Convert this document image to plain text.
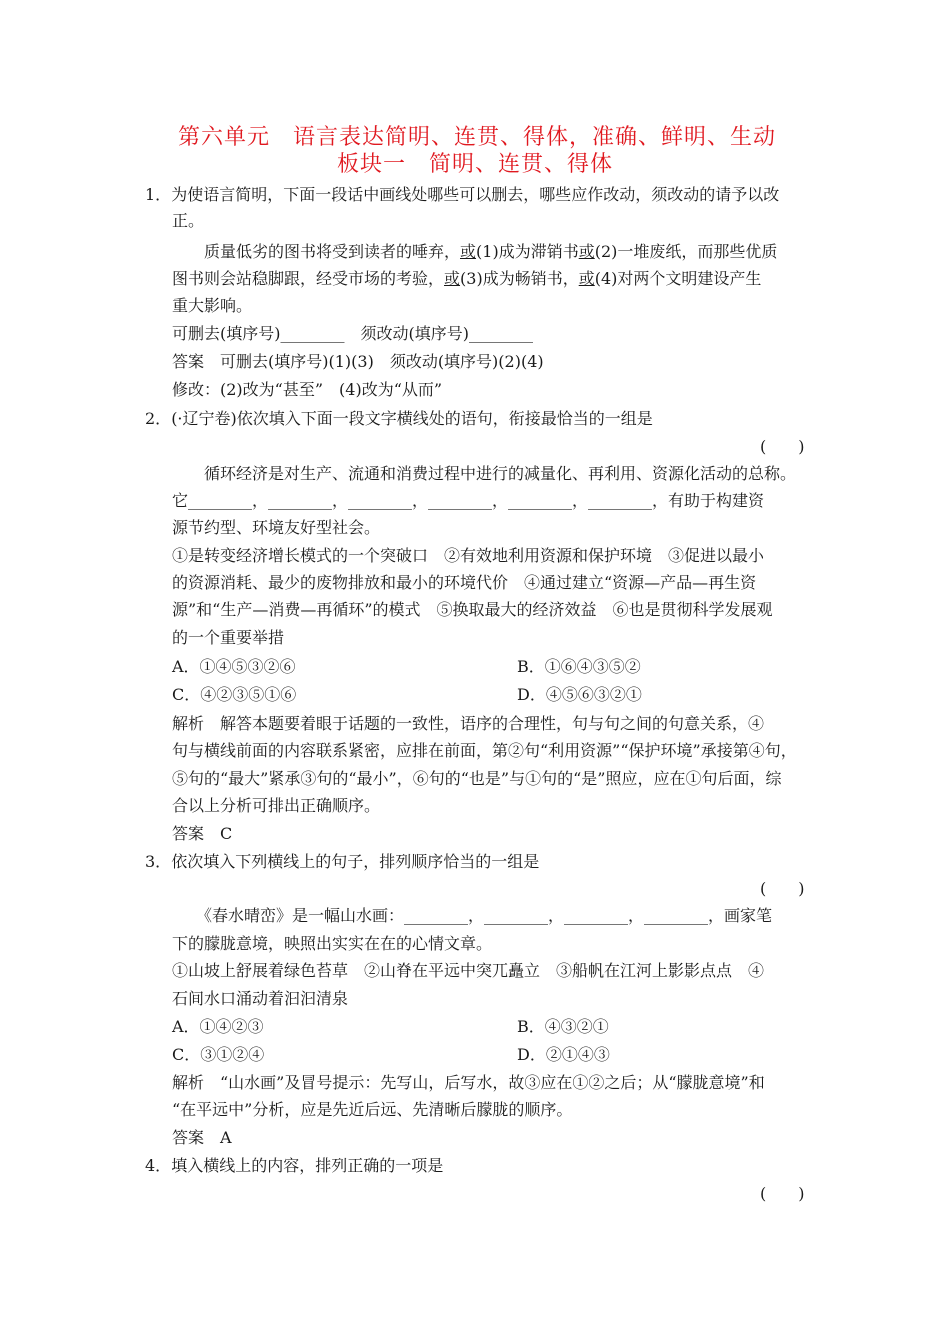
第六单元　语言表达简明、连贯、得体，准确、鲜明、生动
板块一　简明、连贯、得体
1．为使语言简明，下面一段话中画线处哪些可以删去，哪些应作改动，须改动的请予以改
正。
　　质量低劣的图书将受到读者的唾弃，或(1)成为滞销书或(2)一堆废纸，而那些优质
图书则会站稳脚跟，经受市场的考验，或(3)成为畅销书，或(4)对两个文明建设产生
重大影响。
可删去(填序号)________　须改动(填序号)________
答案　可删去(填序号)(1)(3)　须改动(填序号)(2)(4)
修改：(2)改为“甚至”　(4)改为“从而”
2．(·辽宁卷)依次填入下面一段文字横线处的语句，衔接最恰当的一组是
(　　)
　　循环经济是对生产、流通和消费过程中进行的减量化、再利用、资源化活动的总称。
它________，________，________，________，________，________，有助于构建资
源节约型、环境友好型社会。
①是转变经济增长模式的一个突破口　②有效地利用资源和保护环境　③促进以最小
的资源消耗、最少的废物排放和最小的环境代价　④通过建立“资源—产品—再生资
源”和“生产—消费—再循环”的模式　⑤换取最大的经济效益　⑥也是贯彻科学发展观
的一个重要举措
A．①④⑤③②⑥	B．①⑥④③⑤②
C．④②③⑤①⑥	D．④⑤⑥③②①
解析　解答本题要着眼于话题的一致性，语序的合理性，句与句之间的句意关系，④
句与横线前面的内容联系紧密，应排在前面，第②句“利用资源”“保护环境”承接第④句，
⑤句的“最大”紧承③句的“最小”，⑥句的“也是”与①句的“是”照应，应在①句后面，综
合以上分析可排出正确顺序。
答案　C
3．依次填入下列横线上的句子，排列顺序恰当的一组是
(　　)
　　《春水晴峦》是一幅山水画：________，________，________，________，画家笔
下的朦胧意境，映照出实实在在的心情文章。
①山坡上舒展着绿色苔草　②山脊在平远中突兀矗立　③船帆在江河上影影点点　④
石间水口涌动着汩汩清泉
A．①④②③	B．④③②①
C．③①②④	D．②①④③
解析　“山水画”及冒号提示：先写山，后写水，故③应在①②之后；从“朦胧意境”和
“在平远中”分析，应是先近后远、先清晰后朦胧的顺序。
答案　A
4．填入横线上的内容，排列正确的一项是
(　　)
